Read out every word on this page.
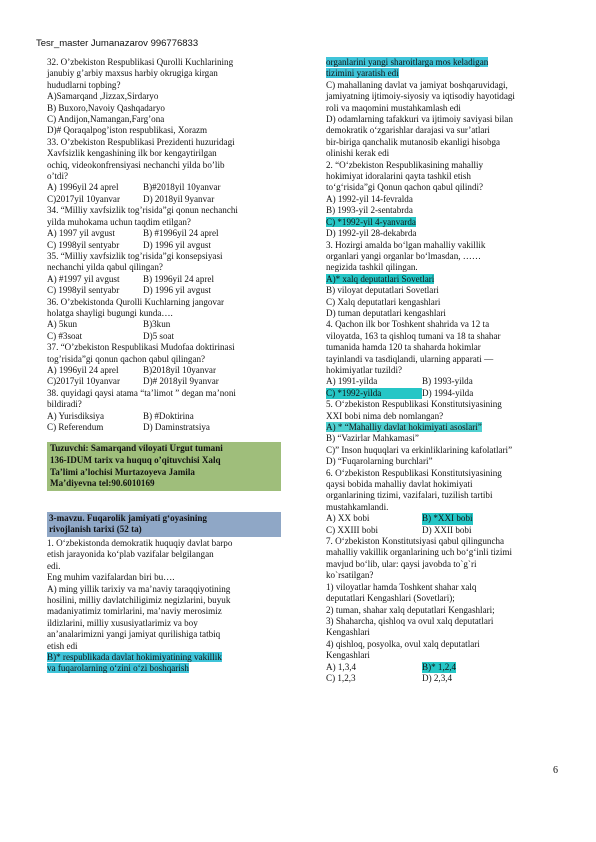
Tesr_master Jumanazarov 996776833

32. O’zbekiston Respublikasi Qurolli Kuchlarining

janubiy g’arbiy maxsus harbiy okrugiga kirgan

hududlarni topbing?

A)Samarqand ,Jizzax,Sirdaryo

B) Buxoro,Navoiy Qashqadaryo

C) Andijon,Namangan,Farg’ona

D)# Qoraqalpog’iston respublikasi, Xorazm

33. O’zbekiston Respublikasi Prezidenti huzuridagi

Xavfsizlik kengashining ilk bor kengaytirilgan

ochiq, videokonfrensiyasi nechanchi yilda bo’lib

o’tdi?

A) 1996yil 24 aprel	B)#2018yil 10yanvar

C)2017yil 10yanvar	D) 2018yil 9yanvar

34. “Milliy xavfsizlik tog’risida”gi qonun nechanchi

yilda muhokama uchun taqdim etilgan?

A) 1997 yil avgust	B) #1996yil 24 aprel

C) 1998yil sentyabr	D) 1996 yil avgust

35. “Milliy xavfsizlik tog’risida”gi konsepsiyasi

nechanchi yilda qabul qilingan?

A) #1997 yil avgust	B) 1996yil 24 aprel

C) 1998yil sentyabr	D) 1996 yil avgust

36. O’zbekistonda Qurolli Kuchlarning jangovar

holatga shayligi bugungi kunda….

A) 5kun	B)3kun

C) #3soat	D)5 soat

37. “O’zbekiston Respublikasi Mudofaa doktirinasi

tog’risida”gi qonun qachon qabul qilingan?

A) 1996yil 24 aprel	B)2018yil 10yanvar

C)2017yil 10yanvar	D)# 2018yil 9yanvar

38. quyidagi qaysi atama “ta’limot ” degan ma’noni

bildiradi?

A) Yurisdiksiya	B) #Doktirina

C) Referendum	D) Daminstratsiya

Tuzuvchi: Samarqand viloyati Urgut tumani

136-IDUM tarix va huquq o’qituvchisi Xalq

Ta’limi a’lochisi Murtazoyeva Jamila

Ma’diyevna tel:90.6010169

3-mavzu. Fuqarolik jamiyati g‘oyasining

rivojlanish tarixi (52 ta)

1. O‘zbekistonda demokratik huquqiy davlat barpo

etish jarayonida ko‘plab vazifalar belgilangan

edi.

Eng muhim vazifalardan biri bu….

A) ming yillik tarixiy va ma’naviy taraqqiyotining

hosilini, milliy davlatchiligimiz negizlarini, buyuk

madaniyatimiz tomirlarini, ma’naviy merosimiz

ildizlarini, milliy xususiyatlarimiz va boy

an’analarimizni yangi jamiyat qurilishiga tatbiq

etish edi

B)* respublikada davlat hokimiyatining vakillik

va fuqarolarning o‘zini o‘zi boshqarish

organlarini yangi sharoitlarga mos keladigan

tizimini yaratish edi

C) mahallaning davlat va jamiyat boshqaruvidagi,

jamiyatning ijtimoiy-siyosiy va iqtisodiy hayotidagi

roli va maqomini mustahkamlash edi

D) odamlarning tafakkuri va ijtimoiy saviyasi bilan

demokratik o‘zgarishlar darajasi va sur’atlari

bir-biriga qanchalik mutanosib ekanligi hisobga

olinishi kerak edi

2. “O‘zbekiston Respublikasining mahalliy

hokimiyat idoralarini qayta tashkil etish

to‘g‘risida”gi Qonun qachon qabul qilindi?

A) 1992-yil 14-fevralda

B) 1993-yil 2-sentabrda

C) *1992-yil 4-yanvarda

D) 1992-yil 28-dekabrda

3. Hozirgi amalda bo‘lgan mahalliy vakillik

organlari yangi organlar bo‘lmasdan, ……

negizida tashkil qilingan.

A)* xalq deputatlari Sovetlari

B) viloyat deputatlari Sovetlari

C) Xalq deputatlari kengashlari

D) tuman deputatlari kengashlari

4. Qachon ilk bor Toshkent shahrida va 12 ta

viloyatda, 163 ta qishloq tumani va 18 ta shahar

tumanida hamda 120 ta shaharda hokimlar

tayinlandi va tasdiqlandi, ularning apparati —

hokimiyatlar tuzildi?

A) 1991-yilda	B) 1993-yilda

C) *1992-yilda	D) 1994-yilda

5. O‘zbekiston Respublikasi Konstitutsiyasining

XXI bobi nima deb nomlangan?

A) * “Mahalliy davlat hokimiyati asoslari”

B) “Vazirlar Mahkamasi”

C)” Inson huquqlari va erkinliklarining kafolatlari”

D) “Fuqarolarning burchlari”

6. O‘zbekiston Respublikasi Konstitutsiyasining

qaysi bobida mahalliy davlat hokimiyati

organlarining tizimi, vazifalari, tuzilish tartibi

mustahkamlandi.

A) XX bobi	B) *XXI bobi

C) XXIII bobi	D) XXII bobi

7. O‘zbekiston Konstitutsiyasi qabul qilinguncha

mahalliy vakillik organlarining uch bo‘g‘inli tizimi

mavjud bo‘lib, ular: qaysi javobda to`g`ri

ko`rsatilgan?

1) viloyatlar hamda Toshkent shahar xalq

deputatlari Kengashlari (Sovetlari);

2) tuman, shahar xalq deputatlari Kengashlari;

3) Shaharcha, qishloq va ovul xalq deputatlari

Kengashlari

4) qishloq, posyolka, ovul xalq deputatlari

Kengashlari

A) 1,3,4	B)* 1,2,4

C) 1,2,3	D) 2,3,4

6
